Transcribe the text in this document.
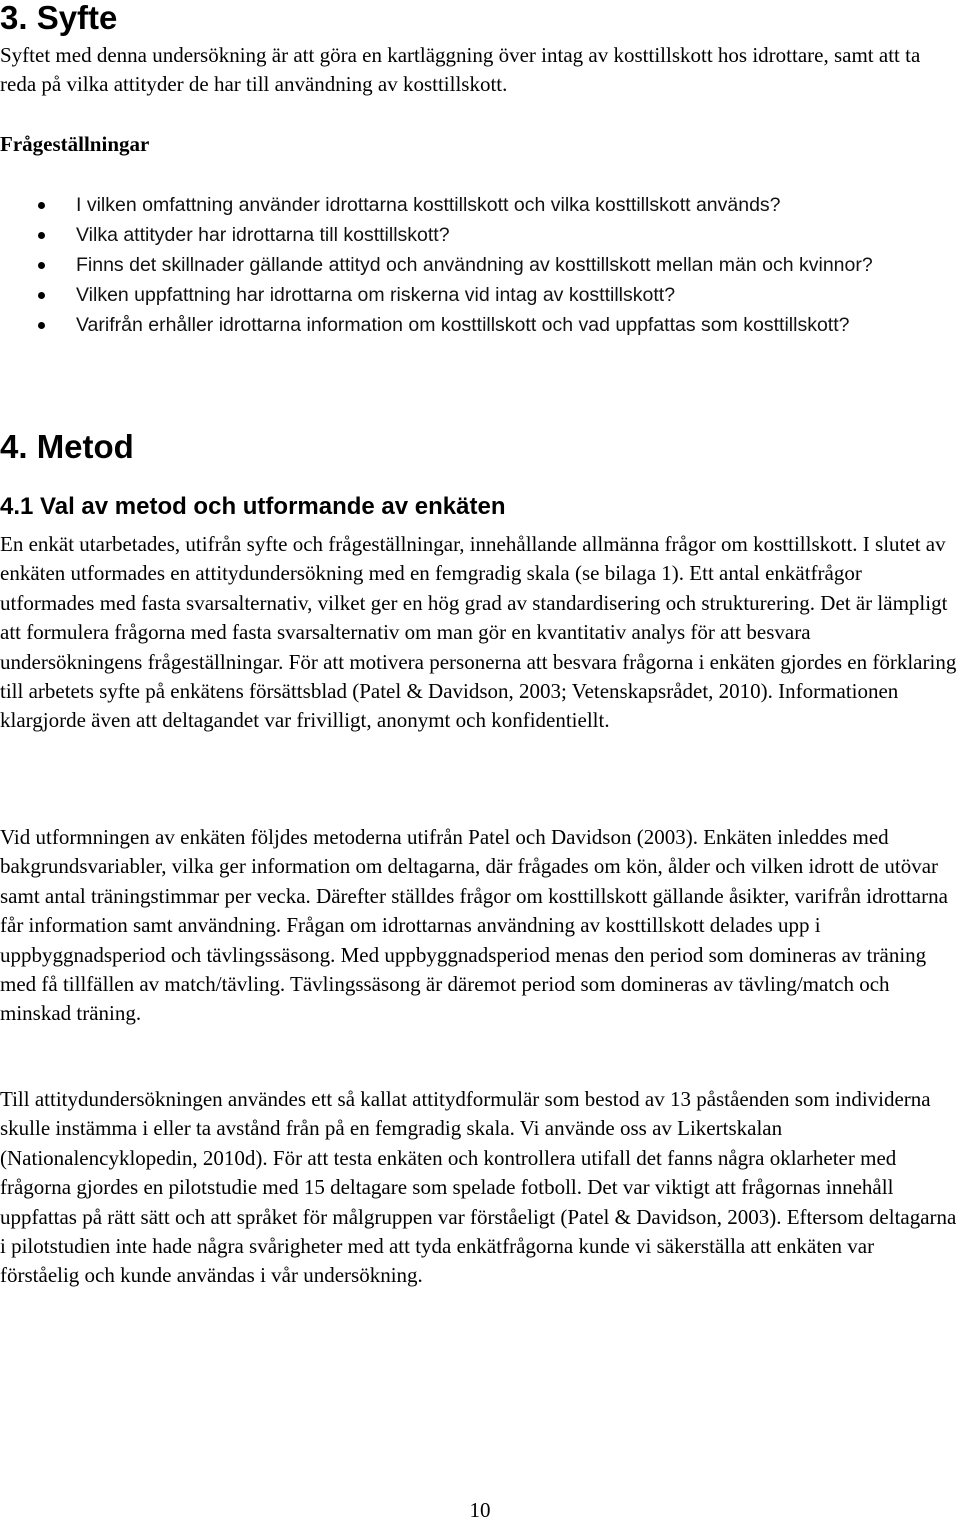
3. Syfte

Syftet med denna undersökning är att göra en kartläggning över intag av kosttillskott hos idrottare, samt att ta reda på vilka attityder de har till användning av kosttillskott.

Frågeställningar
I vilken omfattning använder idrottarna kosttillskott och vilka kosttillskott används?
Vilka attityder har idrottarna till kosttillskott?
Finns det skillnader gällande attityd och användning av kosttillskott mellan män och kvinnor?
Vilken uppfattning har idrottarna om riskerna vid intag av kosttillskott?
Varifrån erhåller idrottarna information om kosttillskott och vad uppfattas som kosttillskott?
4. Metod
4.1 Val av metod och utformande av enkäten

En enkät utarbetades, utifrån syfte och frågeställningar, innehållande allmänna frågor om kosttillskott. I slutet av enkäten utformades en attitydundersökning med en femgradig skala (se bilaga 1). Ett antal enkätfrågor utformades med fasta svarsalternativ, vilket ger en hög grad av standardisering och strukturering. Det är lämpligt att formulera frågorna med fasta svarsalternativ om man gör en kvantitativ analys för att besvara undersökningens frågeställningar. För att motivera personerna att besvara frågorna i enkäten gjordes en förklaring till arbetets syfte på enkätens försättsblad (Patel & Davidson, 2003; Vetenskapsrådet, 2010). Informationen klargjorde även att deltagandet var frivilligt, anonymt och konfidentiellt.

Vid utformningen av enkäten följdes metoderna utifrån Patel och Davidson (2003). Enkäten inleddes med bakgrundsvariabler, vilka ger information om deltagarna, där frågades om kön, ålder och vilken idrott de utövar samt antal träningstimmar per vecka. Därefter ställdes frågor om kosttillskott gällande åsikter, varifrån idrottarna får information samt användning. Frågan om idrottarnas användning av kosttillskott delades upp i uppbyggnadsperiod och tävlingssäsong. Med uppbyggnadsperiod menas den period som domineras av träning med få tillfällen av match/tävling. Tävlingssäsong är däremot period som domineras av tävling/match och minskad träning.

Till attitydundersökningen användes ett så kallat attitydformulär som bestod av 13 påståenden som individerna skulle instämma i eller ta avstånd från på en femgradig skala. Vi använde oss av Likertskalan (Nationalencyklopedin, 2010d). För att testa enkäten och kontrollera utifall det fanns några oklarheter med frågorna gjordes en pilotstudie med 15 deltagare som spelade fotboll. Det var viktigt att frågornas innehåll uppfattas på rätt sätt och att språket för målgruppen var förståeligt (Patel & Davidson, 2003). Eftersom deltagarna i pilotstudien inte hade några svårigheter med att tyda enkätfrågorna kunde vi säkerställa att enkäten var förståelig och kunde användas i vår undersökning.

10
